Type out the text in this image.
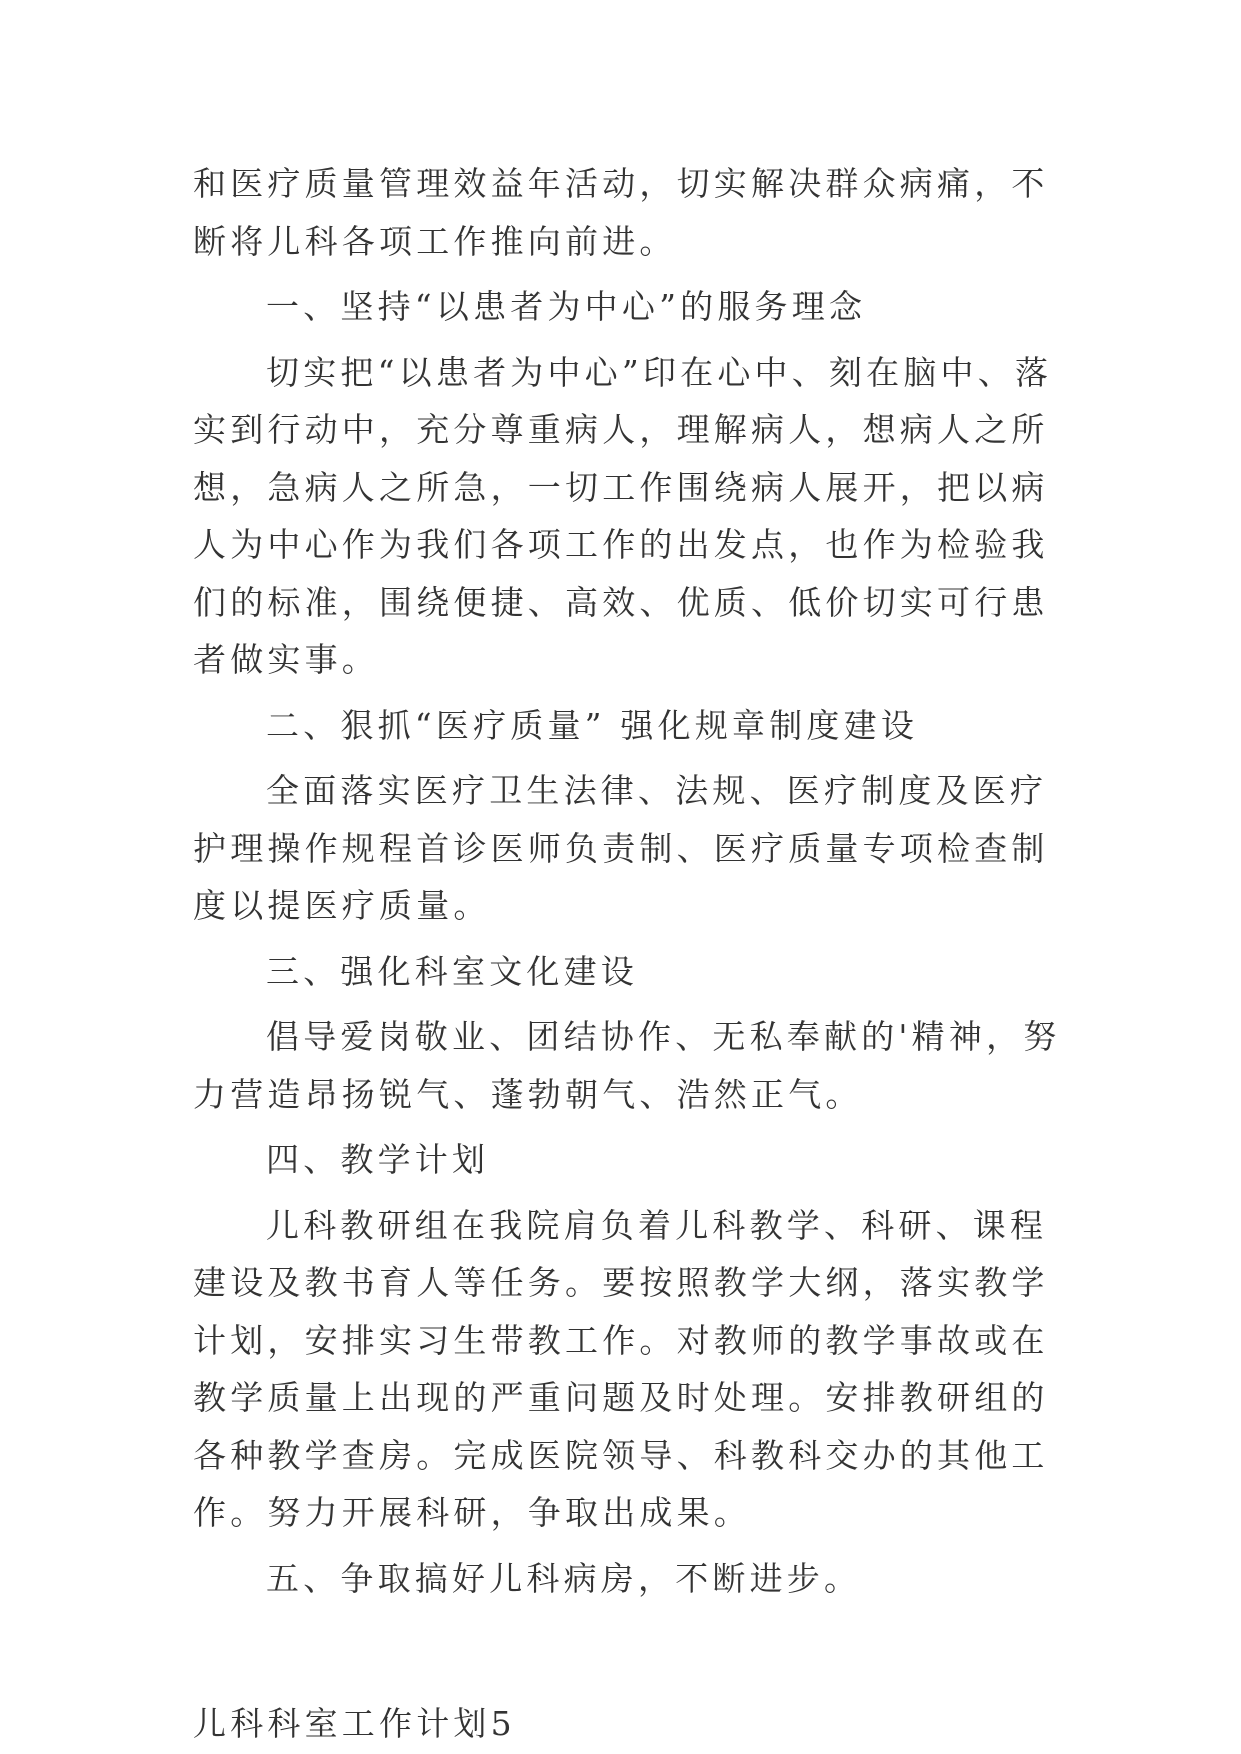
和医疗质量管理效益年活动，切实解决群众病痛，不断将儿科各项工作推向前进。

一、坚持“以患者为中心”的服务理念

切实把“以患者为中心”印在心中、刻在脑中、落实到行动中，充分尊重病人，理解病人，想病人之所想，急病人之所急，一切工作围绕病人展开，把以病人为中心作为我们各项工作的出发点，也作为检验我们的标准，围绕便捷、高效、优质、低价切实可行患者做实事。

二、狠抓“医疗质量” 强化规章制度建设

全面落实医疗卫生法律、法规、医疗制度及医疗护理操作规程首诊医师负责制、医疗质量专项检查制度以提医疗质量。

三、强化科室文化建设

倡导爱岗敬业、团结协作、无私奉献的'精神，努力营造昂扬锐气、蓬勃朝气、浩然正气。

四、教学计划

儿科教研组在我院肩负着儿科教学、科研、课程建设及教书育人等任务。要按照教学大纲，落实教学计划，安排实习生带教工作。对教师的教学事故或在教学质量上出现的严重问题及时处理。安排教研组的各种教学查房。完成医院领导、科教科交办的其他工作。努力开展科研，争取出成果。

五、争取搞好儿科病房，不断进步。

儿科科室工作计划5
